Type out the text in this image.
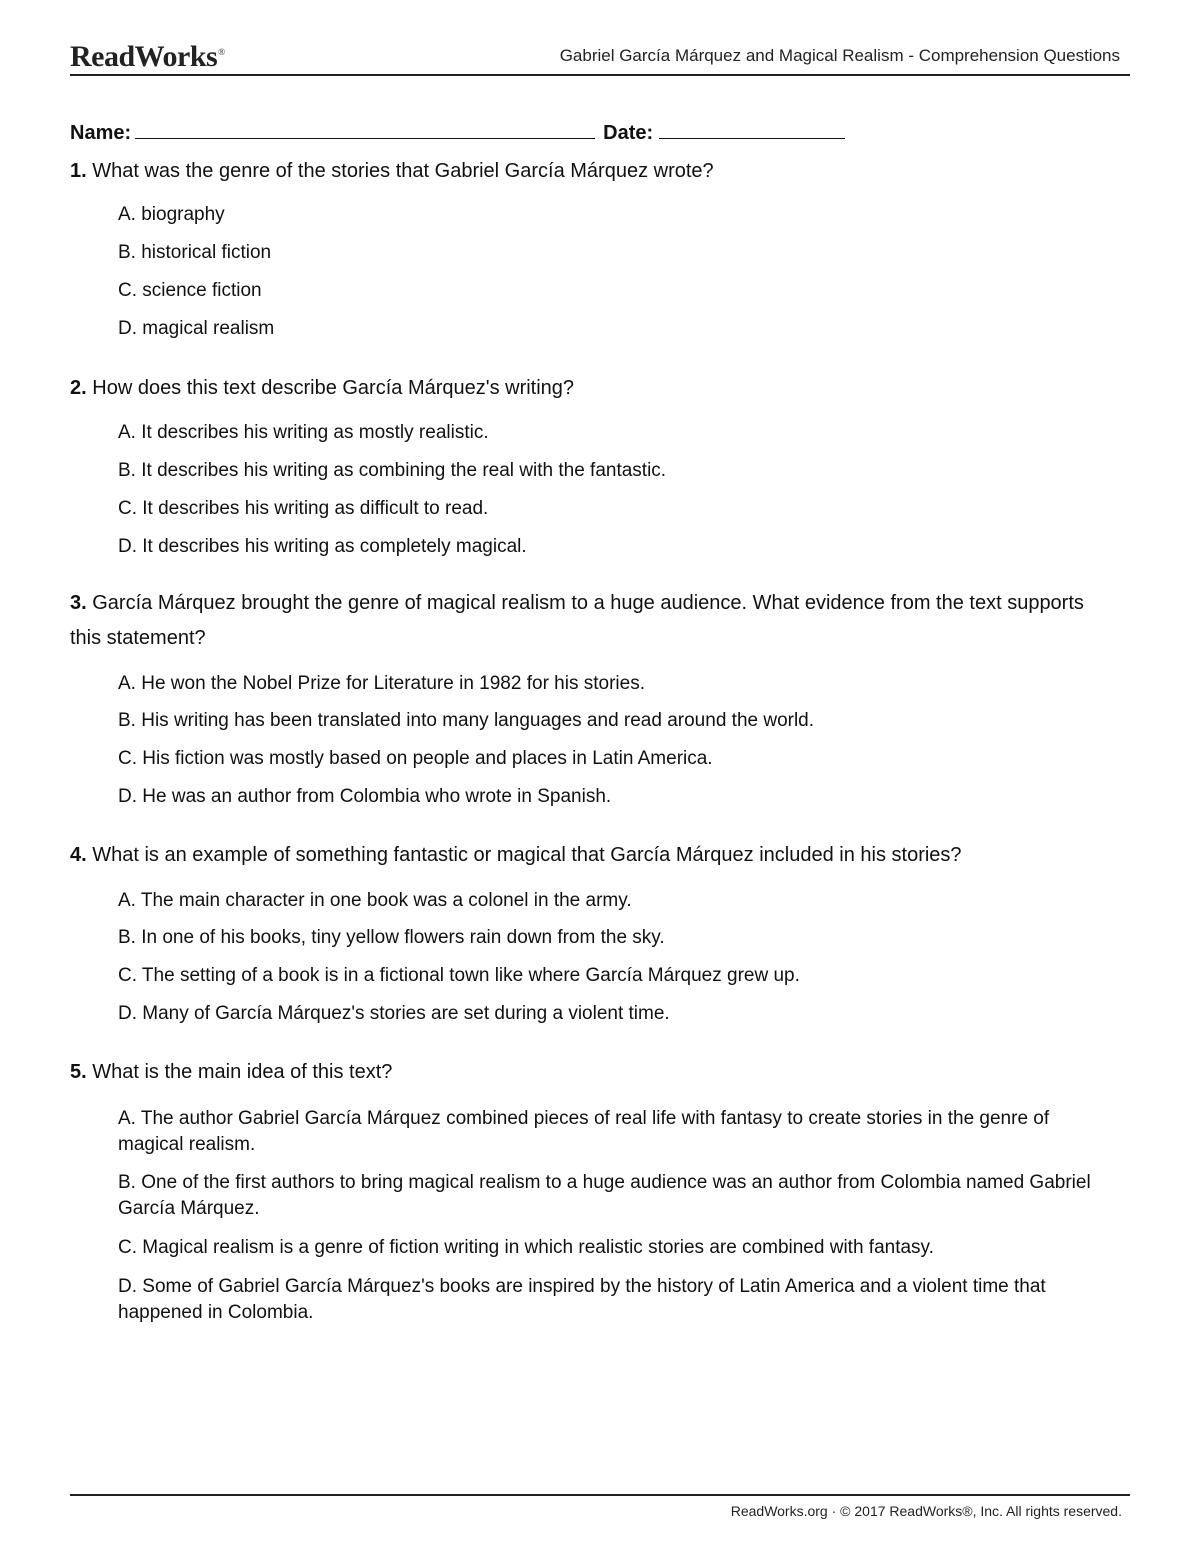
ReadWorks®	Gabriel García Márquez and Magical Realism - Comprehension Questions
Name:	Date:
1. What was the genre of the stories that Gabriel García Márquez wrote?
A. biography
B. historical fiction
C. science fiction
D. magical realism
2. How does this text describe García Márquez's writing?
A. It describes his writing as mostly realistic.
B. It describes his writing as combining the real with the fantastic.
C. It describes his writing as difficult to read.
D. It describes his writing as completely magical.
3. García Márquez brought the genre of magical realism to a huge audience. What evidence from the text supports this statement?
A. He won the Nobel Prize for Literature in 1982 for his stories.
B. His writing has been translated into many languages and read around the world.
C. His fiction was mostly based on people and places in Latin America.
D. He was an author from Colombia who wrote in Spanish.
4. What is an example of something fantastic or magical that García Márquez included in his stories?
A. The main character in one book was a colonel in the army.
B. In one of his books, tiny yellow flowers rain down from the sky.
C. The setting of a book is in a fictional town like where García Márquez grew up.
D. Many of García Márquez's stories are set during a violent time.
5. What is the main idea of this text?
A. The author Gabriel García Márquez combined pieces of real life with fantasy to create stories in the genre of magical realism.
B. One of the first authors to bring magical realism to a huge audience was an author from Colombia named Gabriel García Márquez.
C. Magical realism is a genre of fiction writing in which realistic stories are combined with fantasy.
D. Some of Gabriel García Márquez's books are inspired by the history of Latin America and a violent time that happened in Colombia.
ReadWorks.org · © 2017 ReadWorks®, Inc. All rights reserved.
